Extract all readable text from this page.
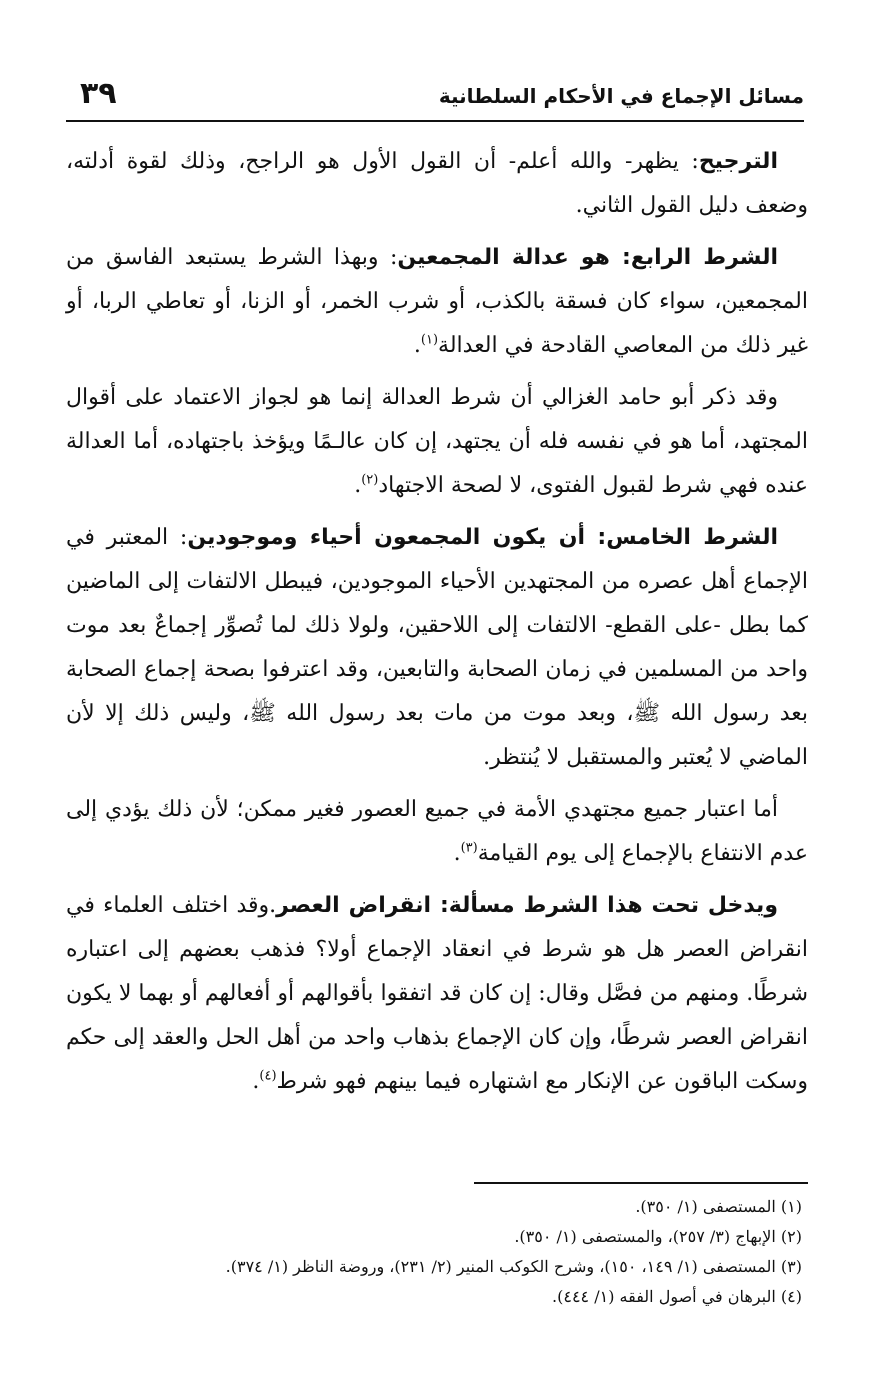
مسائل الإجماع في الأحكام السلطانية
٣٩

الترجيح: يظهر- والله أعلم- أن القول الأول هو الراجح، وذلك لقوة أدلته، وضعف دليل القول الثاني.

الشرط الرابع: هو عدالة المجمعين: وبهذا الشرط يستبعد الفاسق من المجمعين، سواء كان فسقة بالكذب، أو شرب الخمر، أو الزنا، أو تعاطي الربا، أو غير ذلك من المعاصي القادحة في العدالة$^{(١)}$.

وقد ذكر أبو حامد الغزالي أن شرط العدالة إنما هو لجواز الاعتماد على أقوال المجتهد، أما هو في نفسه فله أن يجتهد، إن كان عالـمًا ويؤخذ باجتهاده، أما العدالة عنده فهي شرط لقبول الفتوى، لا لصحة الاجتهاد$^{(٢)}$.

الشرط الخامس: أن يكون المجمعون أحياء وموجودين: المعتبر في الإجماع أهل عصره من المجتهدين الأحياء الموجودين، فيبطل الالتفات إلى الماضين كما بطل -على القطع- الالتفات إلى اللاحقين، ولولا ذلك لما تُصوِّر إجماعٌ بعد موت واحد من المسلمين في زمان الصحابة والتابعين، وقد اعترفوا بصحة إجماع الصحابة بعد رسول الله ﷺ، وبعد موت من مات بعد رسول الله ﷺ، وليس ذلك إلا لأن الماضي لا يُعتبر والمستقبل لا يُنتظر.

أما اعتبار جميع مجتهدي الأمة في جميع العصور فغير ممكن؛ لأن ذلك يؤدي إلى عدم الانتفاع بالإجماع إلى يوم القيامة$^{(٣)}$.

ويدخل تحت هذا الشرط مسألة: انقراض العصر.وقد اختلف العلماء في انقراض العصر هل هو شرط في انعقاد الإجماع أولا؟ فذهب بعضهم إلى اعتباره شرطًا. ومنهم من فصَّل وقال: إن كان قد اتفقوا بأقوالهم أو أفعالهم أو بهما لا يكون انقراض العصر شرطًا، وإن كان الإجماع بذهاب واحد من أهل الحل والعقد إلى حكم وسكت الباقون عن الإنكار مع اشتهاره فيما بينهم فهو شرط$^{(٤)}$.

(١) المستصفى (١/ ٣٥٠).
(٢) الإبهاج (٣/ ٢٥٧)، والمستصفى (١/ ٣٥٠).
(٣) المستصفى (١/ ١٤٩، ١٥٠)، وشرح الكوكب المنير (٢/ ٢٣١)، وروضة الناظر (١/ ٣٧٤).
(٤) البرهان في أصول الفقه (١/ ٤٤٤).
